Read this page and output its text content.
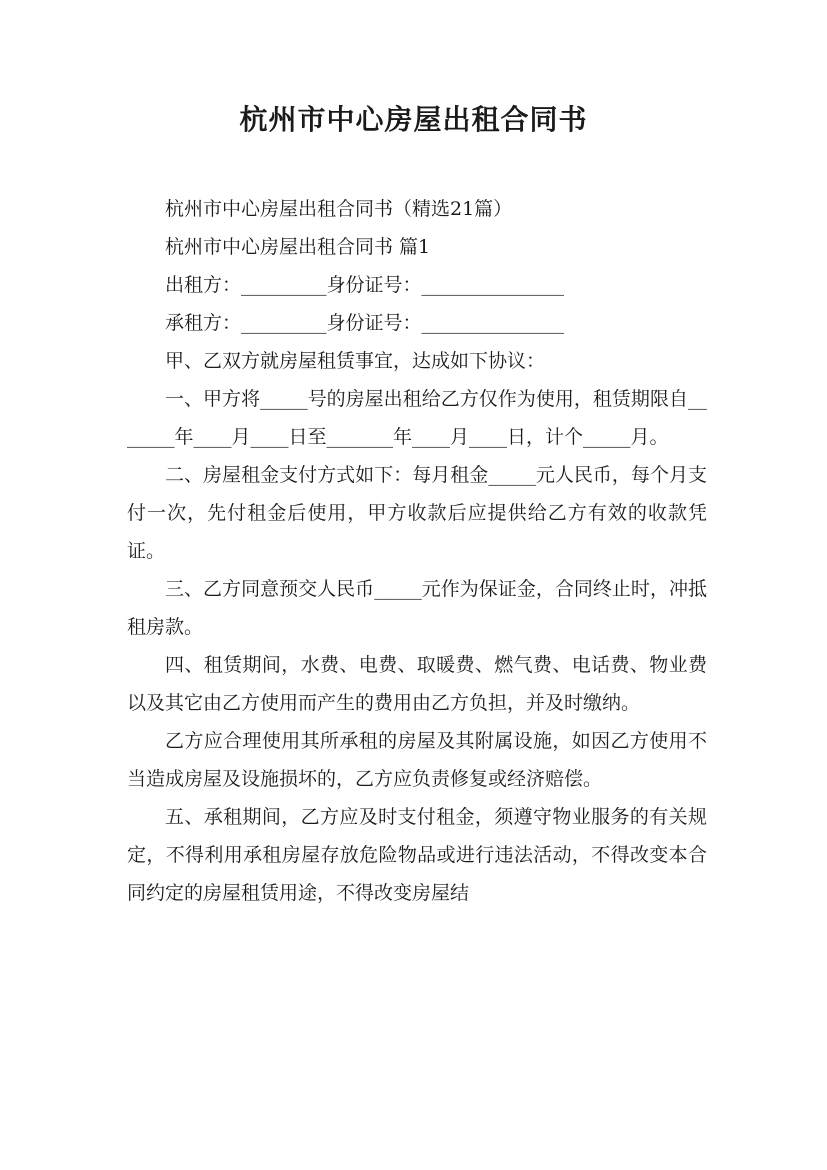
杭州市中心房屋出租合同书

杭州市中心房屋出租合同书（精选21篇）

杭州市中心房屋出租合同书 篇1

出租方：_________身份证号：_______________

承租方：_________身份证号：_______________

甲、乙双方就房屋租赁事宜，达成如下协议：

一、甲方将_____号的房屋出租给乙方仅作为使用，租赁期限自_______年____月____日至_______年____月____日，计个_____月。

二、房屋租金支付方式如下：每月租金_____元人民币，每个月支付一次，先付租金后使用，甲方收款后应提供给乙方有效的收款凭证。

三、乙方同意预交人民币_____元作为保证金，合同终止时，冲抵租房款。

四、租赁期间，水费、电费、取暖费、燃气费、电话费、物业费以及其它由乙方使用而产生的费用由乙方负担，并及时缴纳。

乙方应合理使用其所承租的房屋及其附属设施，如因乙方使用不当造成房屋及设施损坏的，乙方应负责修复或经济赔偿。

五、承租期间，乙方应及时支付租金，须遵守物业服务的有关规定，不得利用承租房屋存放危险物品或进行违法活动，不得改变本合同约定的房屋租赁用途，不得改变房屋结
